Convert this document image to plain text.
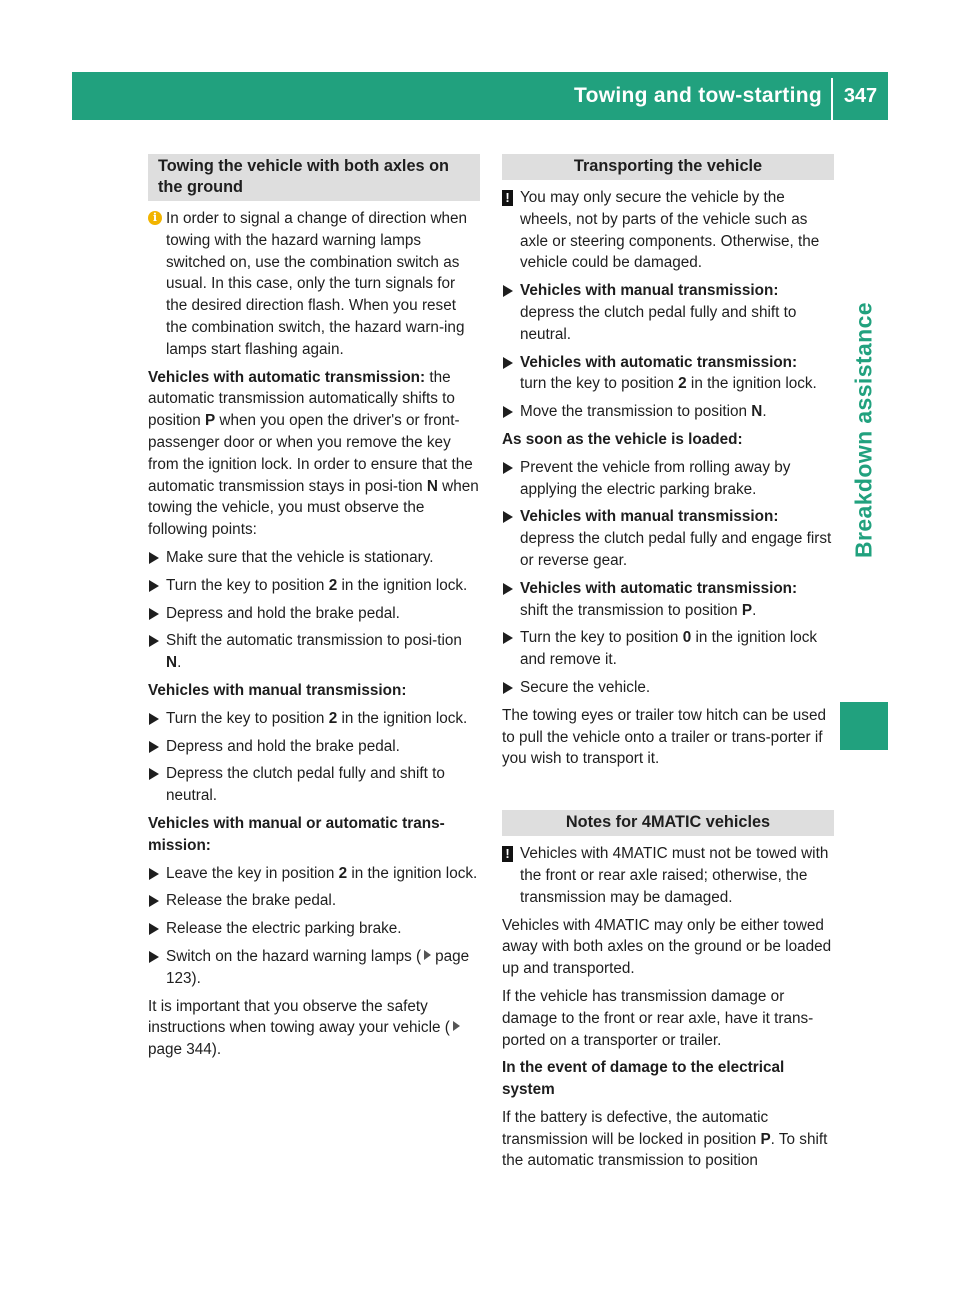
Towing and tow-starting	347
Breakdown assistance
Towing the vehicle with both axles on the ground
i In order to signal a change of direction when towing with the hazard warning lamps switched on, use the combination switch as usual. In this case, only the turn signals for the desired direction flash. When you reset the combination switch, the hazard warn-ing lamps start flashing again.

Vehicles with automatic transmission: the automatic transmission automatically shifts to position P when you open the driver's or front-passenger door or when you remove the key from the ignition lock. In order to ensure that the automatic transmission stays in posi-tion N when towing the vehicle, you must observe the following points:

Make sure that the vehicle is stationary.
Turn the key to position 2 in the ignition lock.
Depress and hold the brake pedal.
Shift the automatic transmission to posi-tion N.
Vehicles with manual transmission:
Turn the key to position 2 in the ignition lock.
Depress and hold the brake pedal.
Depress the clutch pedal fully and shift to neutral.
Vehicles with manual or automatic trans-mission:
Leave the key in position 2 in the ignition lock.
Release the brake pedal.
Release the electric parking brake.
Switch on the hazard warning lamps ( page 123).

It is important that you observe the safety instructions when towing away your vehicle (page 344).

Transporting the vehicle
! You may only secure the vehicle by the wheels, not by parts of the vehicle such as axle or steering components. Otherwise, the vehicle could be damaged.
Vehicles with manual transmission:
depress the clutch pedal fully and shift to neutral.
Vehicles with automatic transmission:
turn the key to position 2 in the ignition lock.
Move the transmission to position N.
As soon as the vehicle is loaded:
Prevent the vehicle from rolling away by applying the electric parking brake.
Vehicles with manual transmission:
depress the clutch pedal fully and engage first or reverse gear.
Vehicles with automatic transmission:
shift the transmission to position P.
Turn the key to position 0 in the ignition lock and remove it.
Secure the vehicle.

The towing eyes or trailer tow hitch can be used to pull the vehicle onto a trailer or trans-porter if you wish to transport it.

Notes for 4MATIC vehicles
! Vehicles with 4MATIC must not be towed with the front or rear axle raised; otherwise, the transmission may be damaged.

Vehicles with 4MATIC may only be either towed away with both axles on the ground or be loaded up and transported.

If the vehicle has transmission damage or damage to the front or rear axle, have it trans-ported on a transporter or trailer.

In the event of damage to the electrical system

If the battery is defective, the automatic transmission will be locked in position P. To shift the automatic transmission to position
